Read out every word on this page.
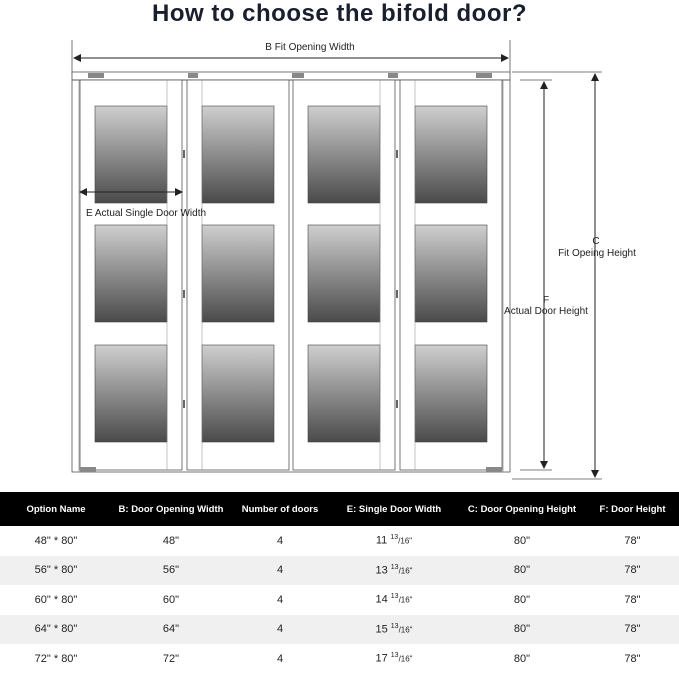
How to choose the bifold door?
B Fit Opening Width
E Actual Single Door Width
C
Fit Opeing Height
F
Actual Door Height
Option Name	B: Door Opening Width	Number of doors	E: Single Door Width	C: Door Opening Height	F: Door Height
48" * 80"	48"	4	11 $^{13}$/16"	80"	78"
56" * 80"	56"	4	13 $^{13}$/16"	80"	78"
60" * 80"	60"	4	14 $^{13}$/16"	80"	78"
64" * 80"	64"	4	15 $^{13}$/16"	80"	78"
72" * 80"	72"	4	17 $^{13}$/16"	80"	78"
